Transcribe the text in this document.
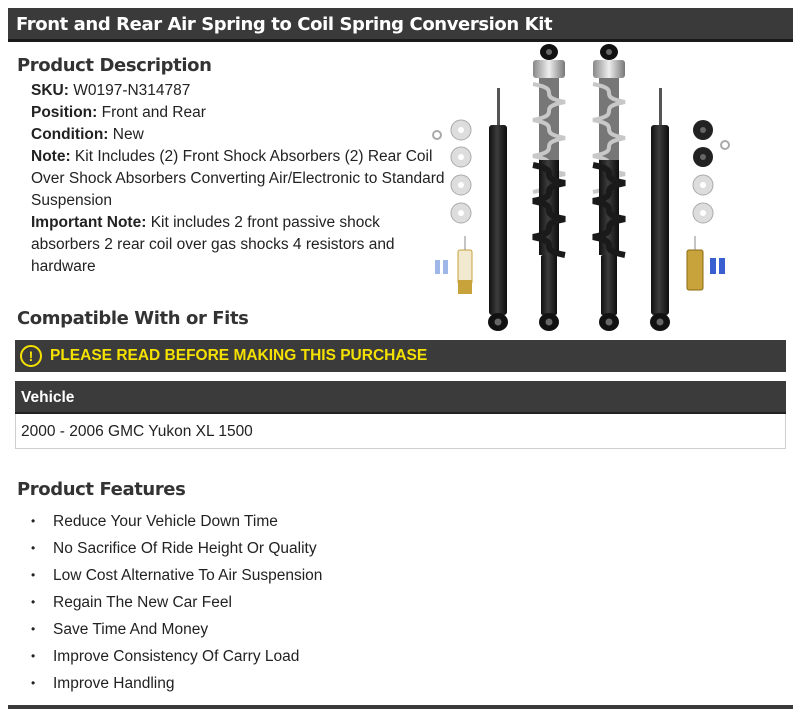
Front and Rear Air Spring to Coil Spring Conversion Kit
Product Description
SKU: W0197-N314787
Position: Front and Rear
Condition: New
Note: Kit Includes (2) Front Shock Absorbers (2) Rear Coil
Over Shock Absorbers Converting Air/Electronic to Standard
Suspension
Important Note: Kit includes 2 front passive shock
absorbers 2 rear coil over gas shocks 4 resistors and
hardware
Compatible With or Fits
!	PLEASE READ BEFORE MAKING THIS PURCHASE
Vehicle
2000 - 2006 GMC Yukon XL 1500
Product Features
•	Reduce Your Vehicle Down Time
•	No Sacrifice Of Ride Height Or Quality
•	Low Cost Alternative To Air Suspension
•	Regain The New Car Feel
•	Save Time And Money
•	Improve Consistency Of Carry Load
•	Improve Handling
